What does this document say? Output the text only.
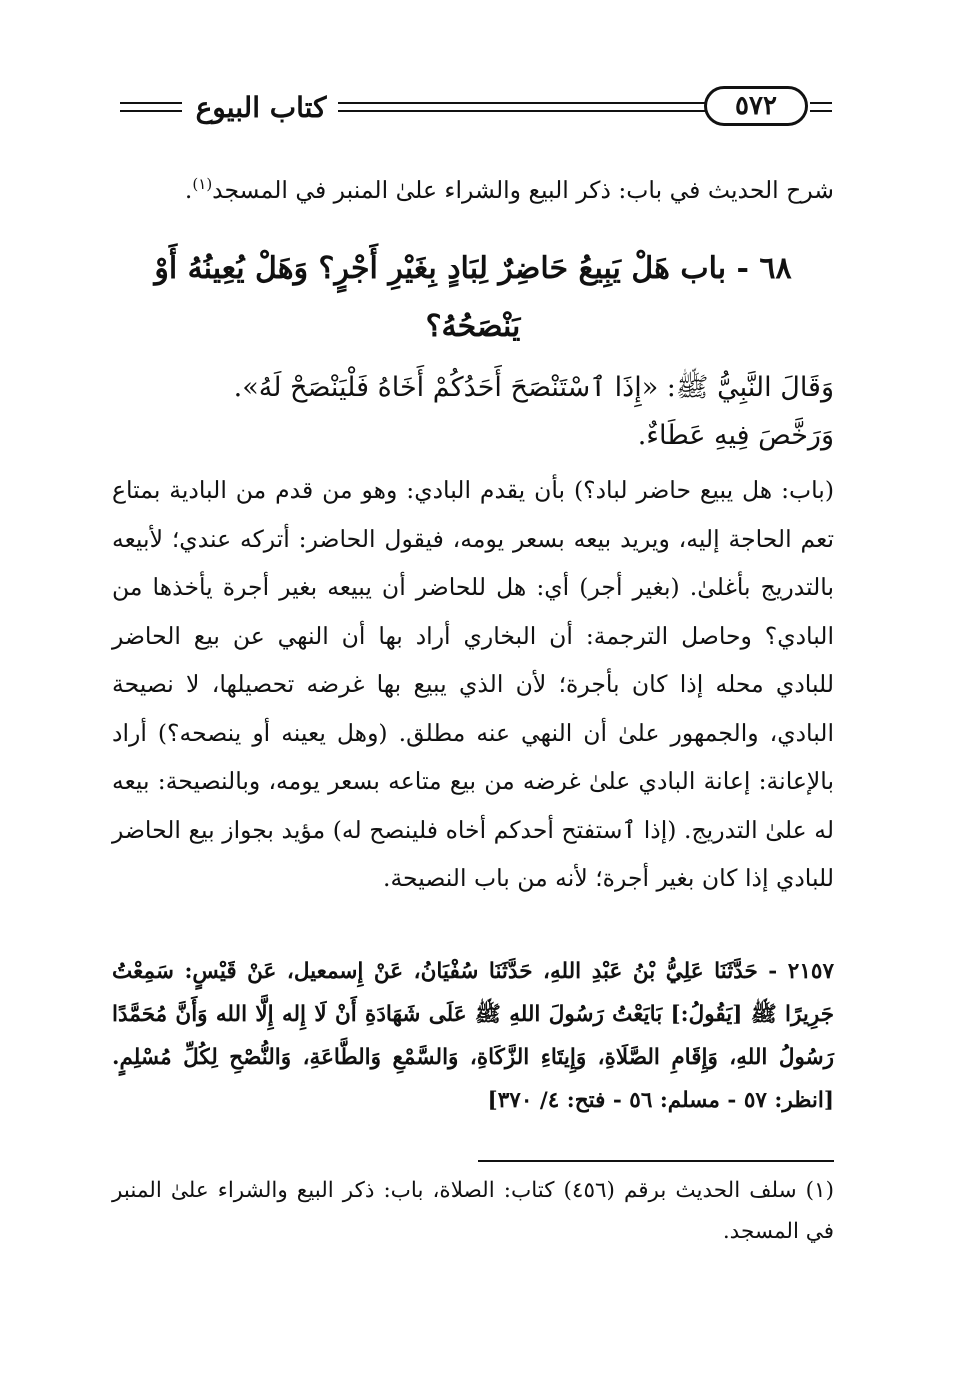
كتاب البيوع	٥٧٢
شرح الحديث في باب: ذكر البيع والشراء علىٰ المنبر في المسجد$^{(١)}$.
٦٨ - باب هَلْ يَبِيعُ حَاضِرٌ لِبَادٍ بِغَيْرِ أَجْرٍ؟ وَهَلْ يُعِينُهُ أَوْ يَنْصَحُهُ؟
وَقَالَ النَّبِيُّ ﷺ: «إِذَا ٱسْتَنْصَحَ أَحَدُكُمْ أَخَاهُ فَلْيَنْصَحْ لَهُ».
وَرَخَّصَ فِيهِ عَطَاءٌ.
(باب: هل يبيع حاضر لباد؟) بأن يقدم البادي: وهو من قدم من البادية بمتاع تعم الحاجة إليه، ويريد بيعه بسعر يومه، فيقول الحاضر: أتركه عندي؛ لأبيعه بالتدريج بأغلىٰ. (بغير أجر) أي: هل للحاضر أن يبيعه بغير أجرة يأخذها من البادي؟ وحاصل الترجمة: أن البخاري أراد بها أن النهي عن بيع الحاضر للبادي محله إذا كان بأجرة؛ لأن الذي يبيع بها غرضه تحصيلها، لا نصيحة البادي، والجمهور علىٰ أن النهي عنه مطلق. (وهل يعينه أو ينصحه؟) أراد بالإعانة: إعانة البادي علىٰ غرضه من بيع متاعه بسعر يومه، وبالنصيحة: بيعه له علىٰ التدريج. (إذا ٱستفتح أحدكم أخاه فلينصح له) مؤيد بجواز بيع الحاضر للبادي إذا كان بغير أجرة؛ لأنه من باب النصيحة.
٢١٥٧ - حَدَّثَنَا عَلِيُّ بْنُ عَبْدِ اللهِ، حَدَّثَنَا سُفْيَانُ، عَنْ إِسمعيل، عَنْ قَيْسٍ: سَمِعْتُ جَرِيرًا ﷺ [يَقُولُ:] بَايَعْتُ رَسُولَ اللهِ ﷺ عَلَى شَهَادَةِ أَنْ لَا إِله إِلَّا الله وَأَنَّ مُحَمَّدًا رَسُولُ اللهِ، وَإِقَامِ الصَّلَاةِ، وَإِيتَاءِ الزَّكَاةِ، وَالسَّمْعِ وَالطَّاعَةِ، وَالنُّصْحِ لِكُلِّ مُسْلِمٍ. [انظر: ٥٧ - مسلم: ٥٦ - فتح: ٤/ ٣٧٠]
(١) سلف الحديث برقم (٤٥٦) كتاب: الصلاة، باب: ذكر البيع والشراء علىٰ المنبر في المسجد.
